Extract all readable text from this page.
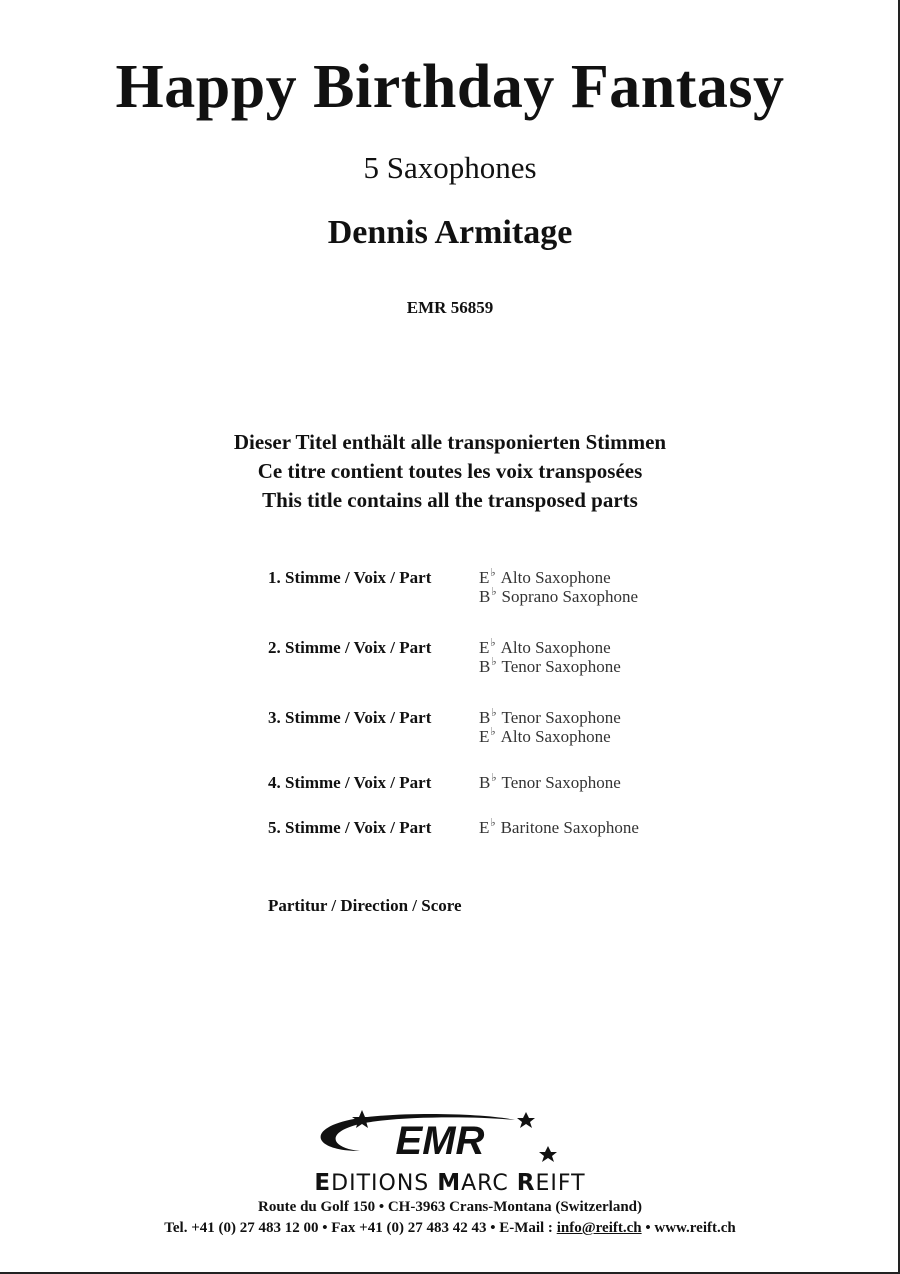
Happy Birthday Fantasy
5 Saxophones
Dennis Armitage
EMR 56859
Dieser Titel enthält alle transponierten Stimmen
Ce titre contient toutes les voix transposées
This title contains all the transposed parts
1. Stimme / Voix / Part	E♭ Alto Saxophone
B♭ Soprano Saxophone
2. Stimme / Voix / Part	E♭ Alto Saxophone
B♭ Tenor Saxophone
3. Stimme / Voix / Part	B♭ Tenor Saxophone
E♭ Alto Saxophone
4. Stimme / Voix / Part	B♭ Tenor Saxophone
5. Stimme / Voix / Part	E♭ Baritone Saxophone
Partitur / Direction / Score
EMR
EDITIONS MARC REIFT
Route du Golf 150 • CH-3963 Crans-Montana (Switzerland)
Tel. +41 (0) 27 483 12 00 • Fax +41 (0) 27 483 42 43 • E-Mail : info@reift.ch • www.reift.ch
